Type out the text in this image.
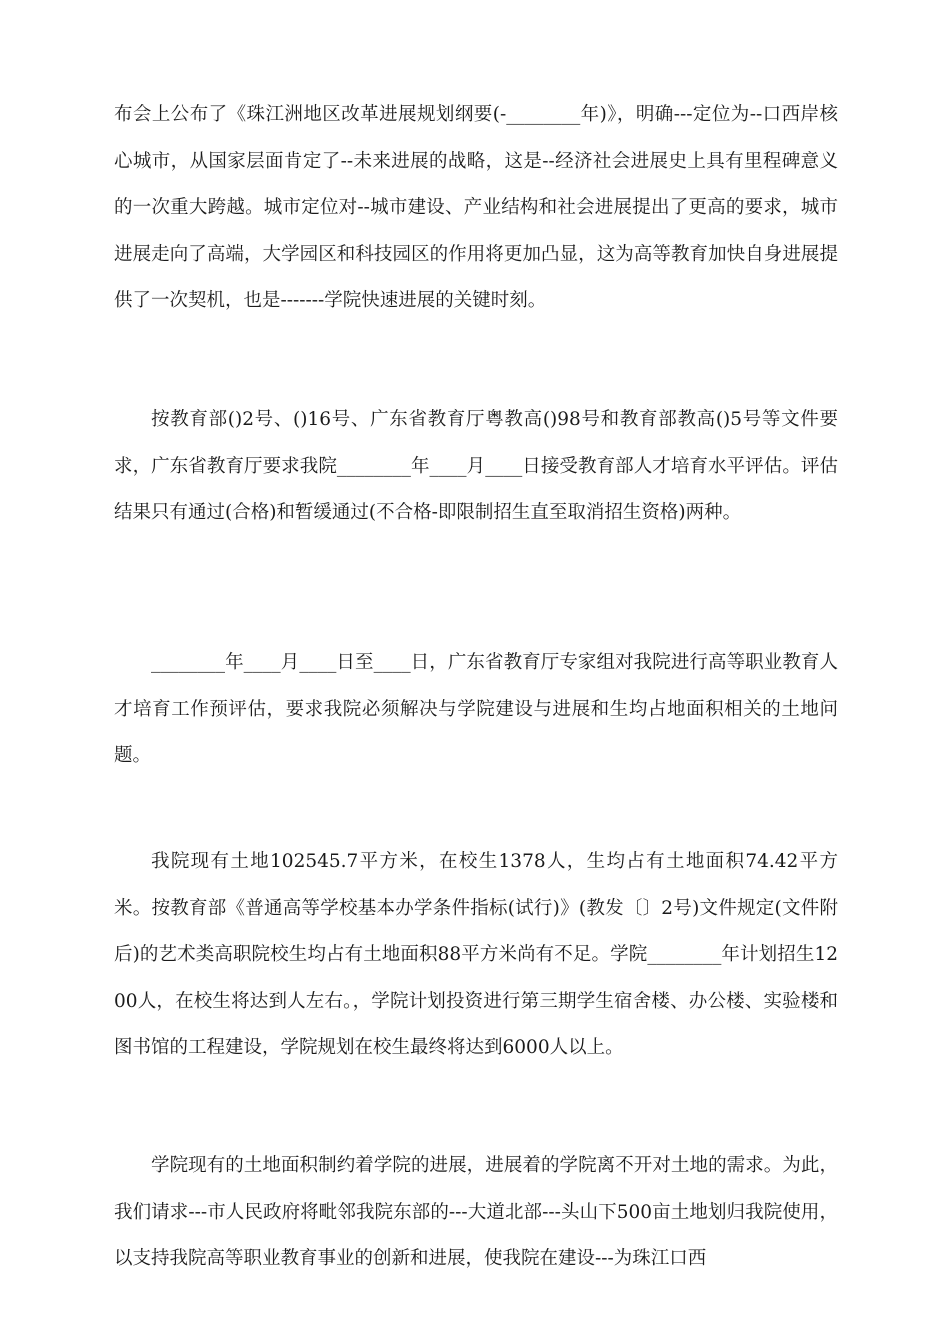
布会上公布了《珠江洲地区改革进展规划纲要(-________年)》，明确---定位为--口西岸核心城市，从国家层面肯定了--未来进展的战略，这是--经济社会进展史上具有里程碑意义的一次重大跨越。城市定位对--城市建设、产业结构和社会进展提出了更高的要求，城市进展走向了高端，大学园区和科技园区的作用将更加凸显，这为高等教育加快自身进展提供了一次契机，也是-------学院快速进展的关键时刻。

按教育部()2号、()16号、广东省教育厅粤教高()98号和教育部教高()5号等文件要求，广东省教育厅要求我院________年____月____日接受教育部人才培育水平评估。评估结果只有通过(合格)和暂缓通过(不合格-即限制招生直至取消招生资格)两种。

________年____月____日至____日，广东省教育厅专家组对我院进行高等职业教育人才培育工作预评估，要求我院必须解决与学院建设与进展和生均占地面积相关的土地问题。

我院现有土地102545.7平方米，在校生1378人，生均占有土地面积74.42平方米。按教育部《普通高等学校基本办学条件指标(试行)》(教发〔〕2号)文件规定(文件附后)的艺术类高职院校生均占有土地面积88平方米尚有不足。学院________年计划招生1200人，在校生将达到人左右。，学院计划投资进行第三期学生宿舍楼、办公楼、实验楼和图书馆的工程建设，学院规划在校生最终将达到6000人以上。

学院现有的土地面积制约着学院的进展，进展着的学院离不开对土地的需求。为此，我们请求---市人民政府将毗邻我院东部的---大道北部---头山下500亩土地划归我院使用，以支持我院高等职业教育事业的创新和进展，使我院在建设---为珠江口西
